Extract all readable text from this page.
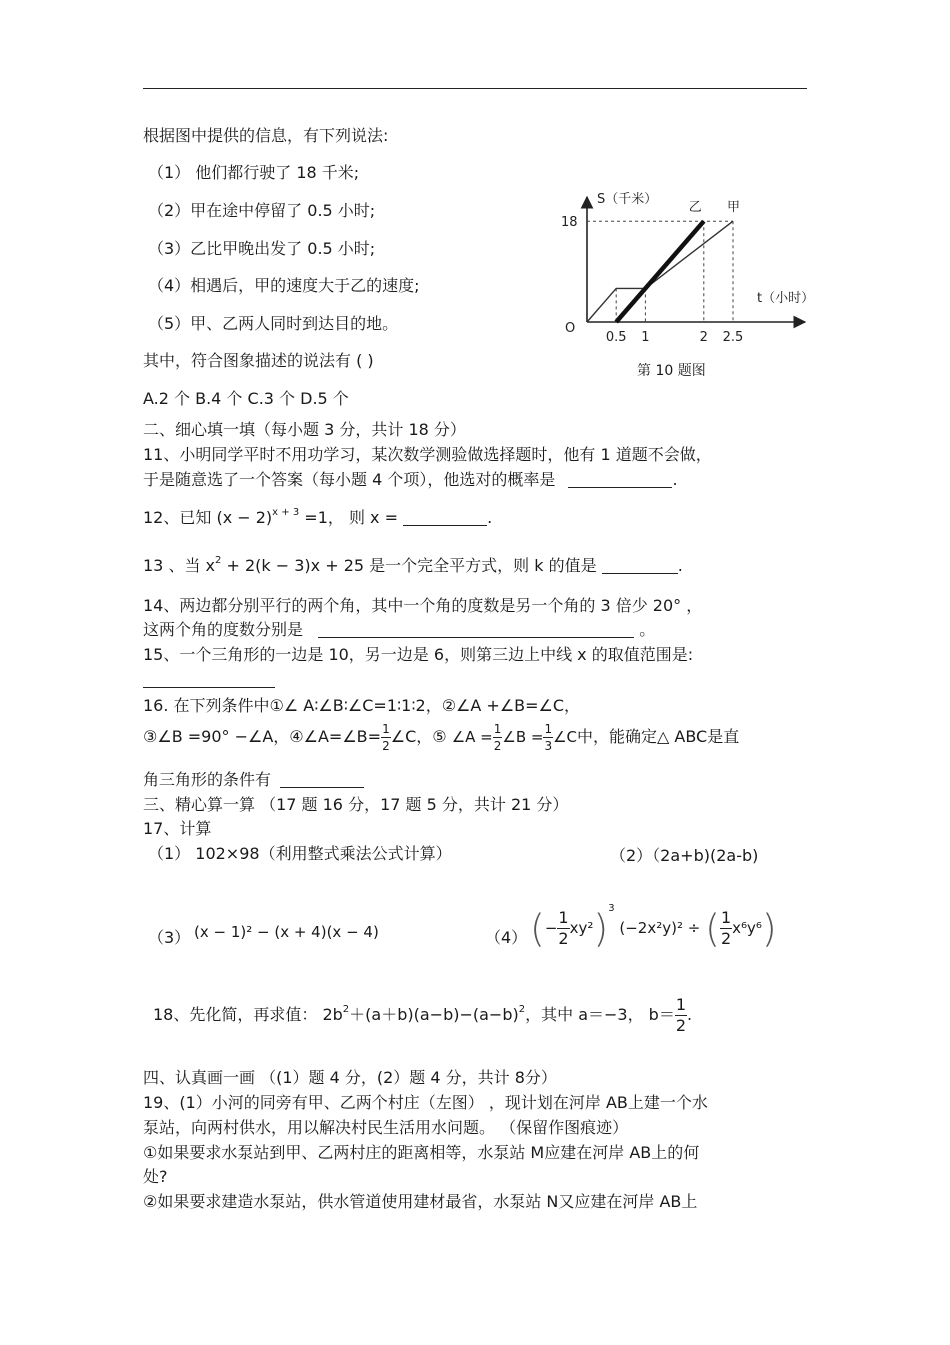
根据图中提供的信息，有下列说法:
（1） 他们都行驶了 18 千米;
（2）甲在途中停留了 0.5 小时;
（3）乙比甲晚出发了 0.5 小时;
（4）相遇后，甲的速度大于乙的速度;
（5）甲、乙两人同时到达目的地。
其中，符合图象描述的说法有 ( )
A.2 个 B.4 个 C.3 个 D.5 个
0.5 1	2 2.5
18
O
S（千米）
t（小时）
乙 甲
第 10 题图
二、细心填一填（每小题 3 分，共计 18 分）
11、小明同学平时不用功学习，某次数学测验做选择题时，他有 1 道题不会做，
于是随意选了一个答案（每小题 4 个项），他选对的概率是	.
12、已知 $(x - 2)^{x + 3} =1$， 则 x =	.
13 、当 $x^2 + 2(k - 3)x + 25$ 是一个完全平方式，则 k 的值是	.
14、两边都分别平行的两个角，其中一个角的度数是另一个角的 3 倍少 20° ，
这两个角的度数分别是	。
15、一个三角形的一边是 10，另一边是 6，则第三边上中线 x 的取值范围是:
16. 在下列条件中①∠ A∶∠B∶∠C=1∶1∶2，②∠A +∠B=∠C，
③∠B =90° −∠A，④∠A=∠B= $\frac{1}{2}$ ∠C，⑤ ∠A = $\frac{1}{2}$ ∠B = $\frac{1}{3}$ ∠C中，能确定△ ABC是直
角三角形的条件有
三、精心算一算 （17 题 16 分，17 题 5 分，共计 21 分）
17、计算
（1） 102×98（利用整式乘法公式计算）	（2）（2a+b)(2a-b)
（3） (x − 1)² − (x + 4)(x − 4)	（4） (− $\frac{1}{2} xy^2)^3$ (−2x²y)² ÷ ( $\frac{1}{2} x^6y^6$)
18、先化简，再求值： $2b^2+(a+b)(a-b)-(a-b)^2$，其中 a＝−3， $b= \frac{1}{2}$ .
四、认真画一画 （(1）题 4 分，(2）题 4 分，共计 8分）
19、(1）小河的同旁有甲、乙两个村庄（左图） ，现计划在河岸 AB上建一个水
泵站，向两村供水，用以解决村民生活用水问题。 （保留作图痕迹）
①如果要求水泵站到甲、乙两村庄的距离相等，水泵站 M应建在河岸 AB上的何
处?
②如果要求建造水泵站，供水管道使用建材最省，水泵站 N又应建在河岸 AB上
